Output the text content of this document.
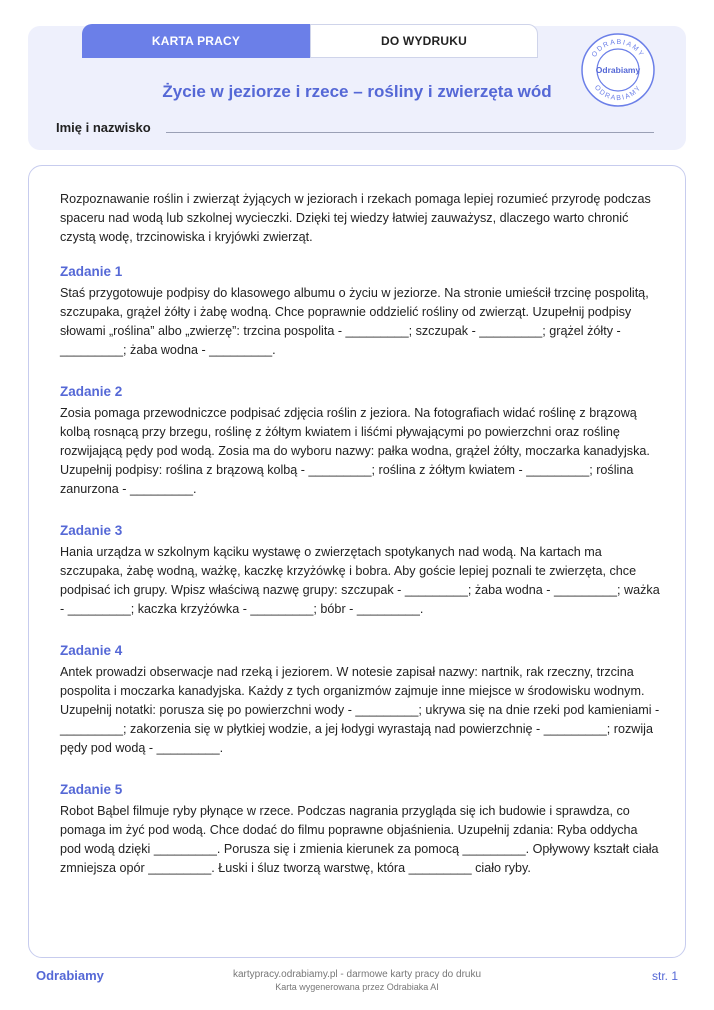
KARTA PRACY	DO WYDRUKU
ODRABIAMY
ODRABIAMY
Odrabiamy
Życie w jeziorze i rzece – rośliny i zwierzęta wód
Imię i nazwisko

Rozpoznawanie roślin i zwierząt żyjących w jeziorach i rzekach pomaga lepiej rozumieć przyrodę podczas spaceru nad wodą lub szkolnej wycieczki. Dzięki tej wiedzy łatwiej zauważysz, dlaczego warto chronić czystą wodę, trzcinowiska i kryjówki zwierząt.

Zadanie 1

Staś przygotowuje podpisy do klasowego albumu o życiu w jeziorze. Na stronie umieścił trzcinę pospolitą, szczupaka, grążel żółty i żabę wodną. Chce poprawnie oddzielić rośliny od zwierząt. Uzupełnij podpisy słowami „roślina” albo „zwierzę”: trzcina pospolita - _________; szczupak - _________; grążel żółty - _________; żaba wodna - _________.

Zadanie 2

Zosia pomaga przewodniczce podpisać zdjęcia roślin z jeziora. Na fotografiach widać roślinę z brązową kolbą rosnącą przy brzegu, roślinę z żółtym kwiatem i liśćmi pływającymi po powierzchni oraz roślinę rozwijającą pędy pod wodą. Zosia ma do wyboru nazwy: pałka wodna, grążel żółty, moczarka kanadyjska. Uzupełnij podpisy: roślina z brązową kolbą - _________; roślina z żółtym kwiatem - _________; roślina zanurzona - _________.

Zadanie 3

Hania urządza w szkolnym kąciku wystawę o zwierzętach spotykanych nad wodą. Na kartach ma szczupaka, żabę wodną, ważkę, kaczkę krzyżówkę i bobra. Aby goście lepiej poznali te zwierzęta, chce podpisać ich grupy. Wpisz właściwą nazwę grupy: szczupak - _________; żaba wodna - _________; ważka - _________; kaczka krzyżówka - _________; bóbr - _________.

Zadanie 4

Antek prowadzi obserwacje nad rzeką i jeziorem. W notesie zapisał nazwy: nartnik, rak rzeczny, trzcina pospolita i moczarka kanadyjska. Każdy z tych organizmów zajmuje inne miejsce w środowisku wodnym. Uzupełnij notatki: porusza się po powierzchni wody - _________; ukrywa się na dnie rzeki pod kamieniami - _________; zakorzenia się w płytkiej wodzie, a jej łodygi wyrastają nad powierzchnię - _________; rozwija pędy pod wodą - _________.

Zadanie 5

Robot Bąbel filmuje ryby płynące w rzece. Podczas nagrania przygląda się ich budowie i sprawdza, co pomaga im żyć pod wodą. Chce dodać do filmu poprawne objaśnienia. Uzupełnij zdania: Ryba oddycha pod wodą dzięki _________. Porusza się i zmienia kierunek za pomocą _________. Opływowy kształt ciała zmniejsza opór _________. Łuski i śluz tworzą warstwę, która _________ ciało ryby.

Odrabiamy	kartypracy.odrabiamy.pl - darmowe karty pracy do druku
Karta wygenerowana przez Odrabiaka AI
str. 1
